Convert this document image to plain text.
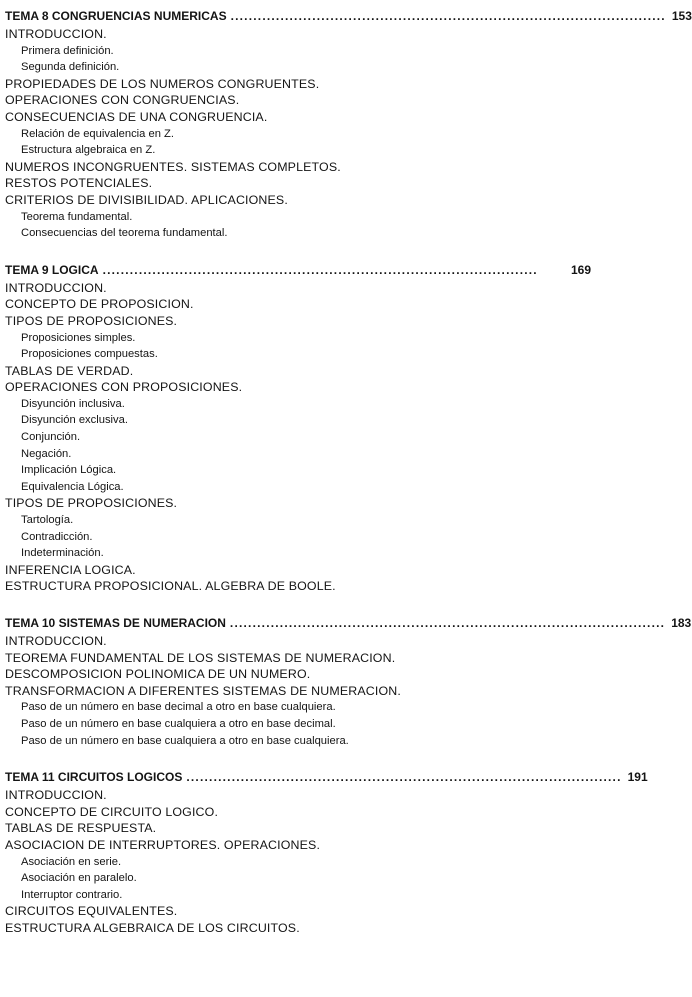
TEMA 8 CONGRUENCIAS NUMERICAS ................................................................................................ 153
INTRODUCCION.
Primera definición.
Segunda definición.
PROPIEDADES DE LOS NUMEROS CONGRUENTES.
OPERACIONES CON CONGRUENCIAS.
CONSECUENCIAS DE UNA CONGRUENCIA.
Relación de equivalencia en Z.
Estructura algebraica en Z.
NUMEROS INCONGRUENTES. SISTEMAS COMPLETOS.
RESTOS POTENCIALES.
CRITERIOS DE DIVISIBILIDAD. APLICACIONES.
Teorema fundamental.
Consecuencias del teorema fundamental.
TEMA 9 LOGICA ................................................................................................	169
INTRODUCCION.
CONCEPTO DE PROPOSICION.
TIPOS DE PROPOSICIONES.
Proposiciones simples.
Proposiciones compuestas.
TABLAS DE VERDAD.
OPERACIONES CON PROPOSICIONES.
Disyunción inclusiva.
Disyunción exclusiva.
Conjunción.
Negación.
Implicación Lógica.
Equivalencia Lógica.
TIPOS DE PROPOSICIONES.
Tartología.
Contradicción.
Indeterminación.
INFERENCIA LOGICA.
ESTRUCTURA PROPOSICIONAL. ALGEBRA DE BOOLE.
TEMA 10 SISTEMAS DE NUMERACION ................................................................................................ 183
INTRODUCCION.
TEOREMA FUNDAMENTAL DE LOS SISTEMAS DE NUMERACION.
DESCOMPOSICION POLINOMICA DE UN NUMERO.
TRANSFORMACION A DIFERENTES SISTEMAS DE NUMERACION.
Paso de un número en base decimal a otro en base cualquiera.
Paso de un número en base cualquiera a otro en base decimal.
Paso de un número en base cualquiera a otro en base cualquiera.
TEMA 11 CIRCUITOS LOGICOS ................................................................................................ 191
INTRODUCCION.
CONCEPTO DE CIRCUITO LOGICO.
TABLAS DE RESPUESTA.
ASOCIACION DE INTERRUPTORES. OPERACIONES.
Asociación en serie.
Asociación en paralelo.
Interruptor contrario.
CIRCUITOS EQUIVALENTES.
ESTRUCTURA ALGEBRAICA DE LOS CIRCUITOS.
